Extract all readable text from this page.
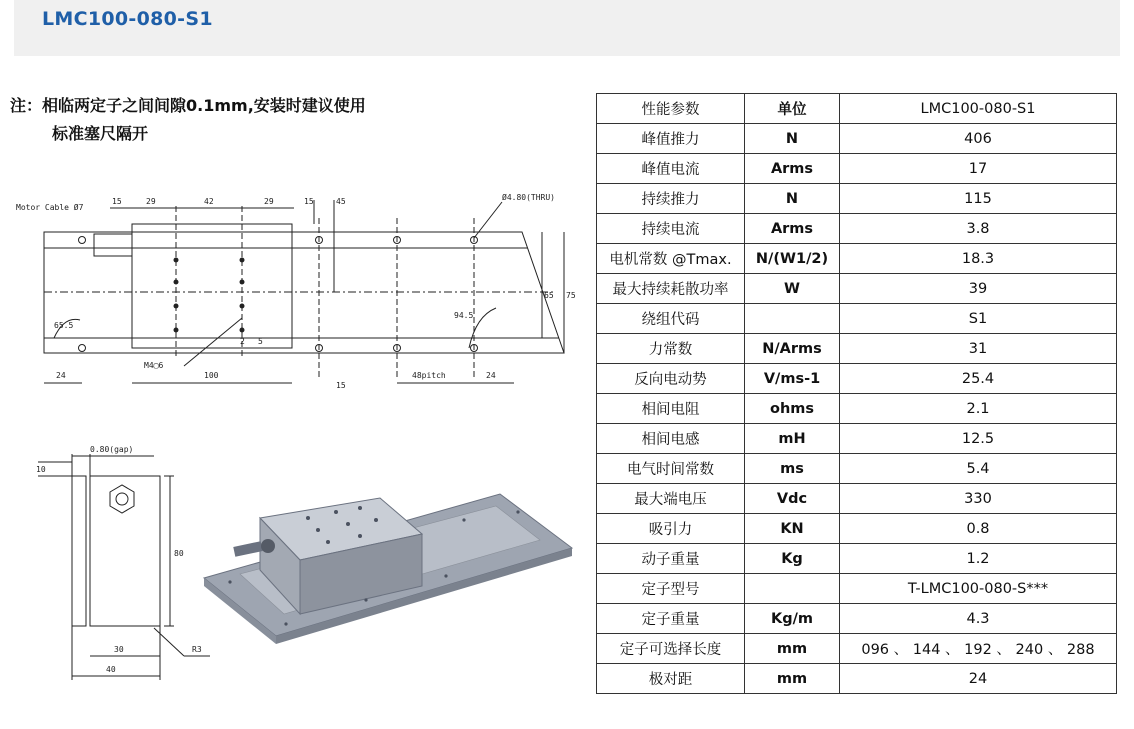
LMC100-080-S1
注：相临两定子之间间隙0.1mm,安装时建议使用
标准塞尺隔开
Motor Cable Ø7
Ø4.80(THRU)
15	29	42	29	15	45
65 75
24	100
15
48pitch	24
M4▢6
2 5
94.5
65.5
0.80(gap)
10
80
30
40
R3
性能参数	单位	LMC100-080-S1
峰值推力	N	406
峰值电流	Arms	17
持续推力	N	115
持续电流	Arms	3.8
电机常数 @Tmax.	N/(W1/2)	18.3
最大持续耗散功率	W	39
绕组代码		S1
力常数	N/Arms	31
反向电动势	V/ms-1	25.4
相间电阻	ohms	2.1
相间电感	mH	12.5
电气时间常数	ms	5.4
最大端电压	Vdc	330
吸引力	KN	0.8
动子重量	Kg	1.2
定子型号		T-LMC100-080-S***
定子重量	Kg/m	4.3
定子可选择长度	mm	096 、 144 、 192 、 240 、 288
极对距	mm	24
